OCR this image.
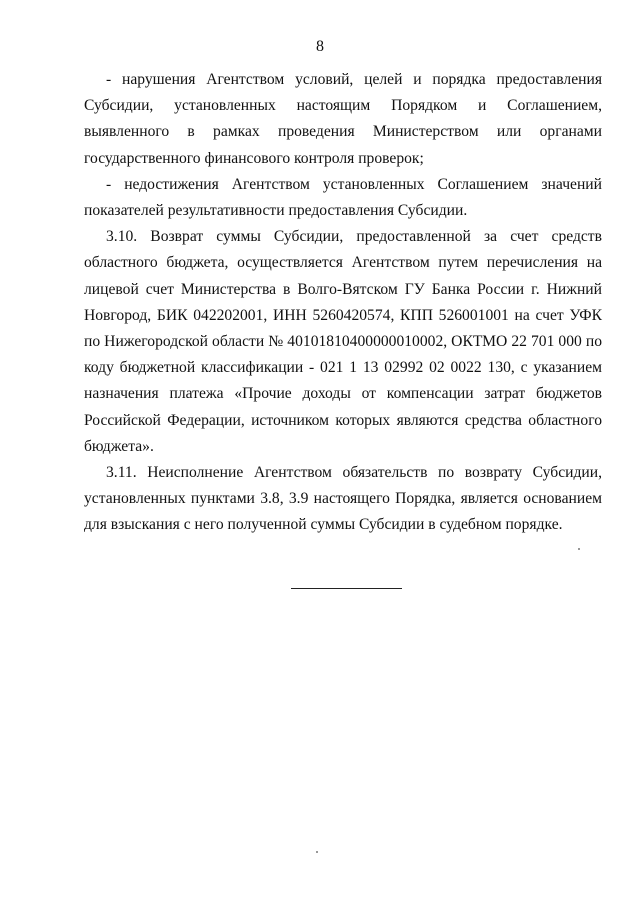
8

- нарушения Агентством условий, целей и порядка предоставления Субсидии, установленных настоящим Порядком и Соглашением, выявленного в рамках проведения Министерством или органами государственного финансового контроля проверок;

- недостижения Агентством установленных Соглашением значений показателей результативности предоставления Субсидии.

3.10. Возврат суммы Субсидии, предоставленной за счет средств областного бюджета, осуществляется Агентством путем перечисления на лицевой счет Министерства в Волго-Вятском ГУ Банка России г. Нижний Новгород, БИК 042202001, ИНН 5260420574, КПП 526001001 на счет УФК по Нижегородской области № 40101810400000010002, ОКТМО 22 701 000 по коду бюджетной классификации - 021 1 13 02992 02 0022 130, с указанием назначения платежа «Прочие доходы от компенсации затрат бюджетов Российской Федерации, источником которых являются средства областного бюджета».

3.11. Неисполнение Агентством обязательств по возврату Субсидии, установленных пунктами 3.8, 3.9 настоящего Порядка, является основанием для взыскания с него полученной суммы Субсидии в судебном порядке.
